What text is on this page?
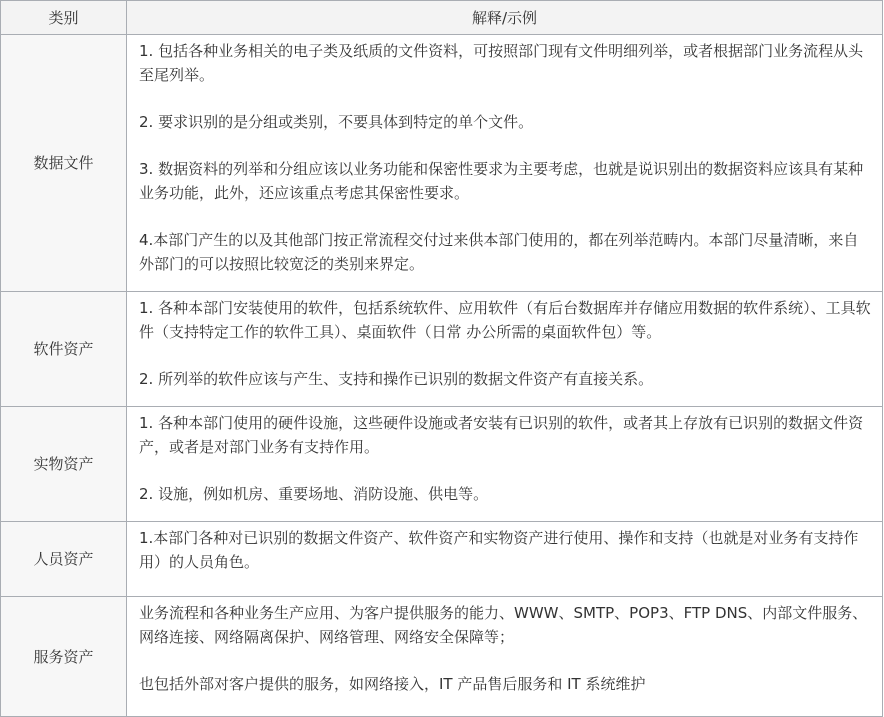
类别	解释/示例
数据文件	1. 包括各种业务相关的电子类及纸质的文件资料，可按照部门现有文件明细列举，或者根据部门业务流程从头至尾列举。

2. 要求识别的是分组或类别，不要具体到特定的单个文件。

3. 数据资料的列举和分组应该以业务功能和保密性要求为主要考虑，也就是说识别出的数据资料应该具有某种业务功能，此外，还应该重点考虑其保密性要求。

4.本部门产生的以及其他部门按正常流程交付过来供本部门使用的，都在列举范畴内。本部门尽量清晰，来自外部门的可以按照比较宽泛的类别来界定。

软件资产	1. 各种本部门安装使用的软件，包括系统软件、应用软件（有后台数据库并存储应用数据的软件系统）、工具软件（支持特定工作的软件工具）、桌面软件（日常 办公所需的桌面软件包）等。

2. 所列举的软件应该与产生、支持和操作已识别的数据文件资产有直接关系。

实物资产	1. 各种本部门使用的硬件设施，这些硬件设施或者安装有已识别的软件，或者其上存放有已识别的数据文件资产，或者是对部门业务有支持作用。

2. 设施，例如机房、重要场地、消防设施、供电等。

人员资产	1.本部门各种对已识别的数据文件资产、软件资产和实物资产进行使用、操作和支持（也就是对业务有支持作用）的人员角色。

服务资产	业务流程和各种业务生产应用、为客户提供服务的能力、WWW、SMTP、POP3、FTP DNS、内部文件服务、网络连接、网络隔离保护、网络管理、网络安全保障等；

也包括外部对客户提供的服务，如网络接入，IT 产品售后服务和 IT 系统维护
